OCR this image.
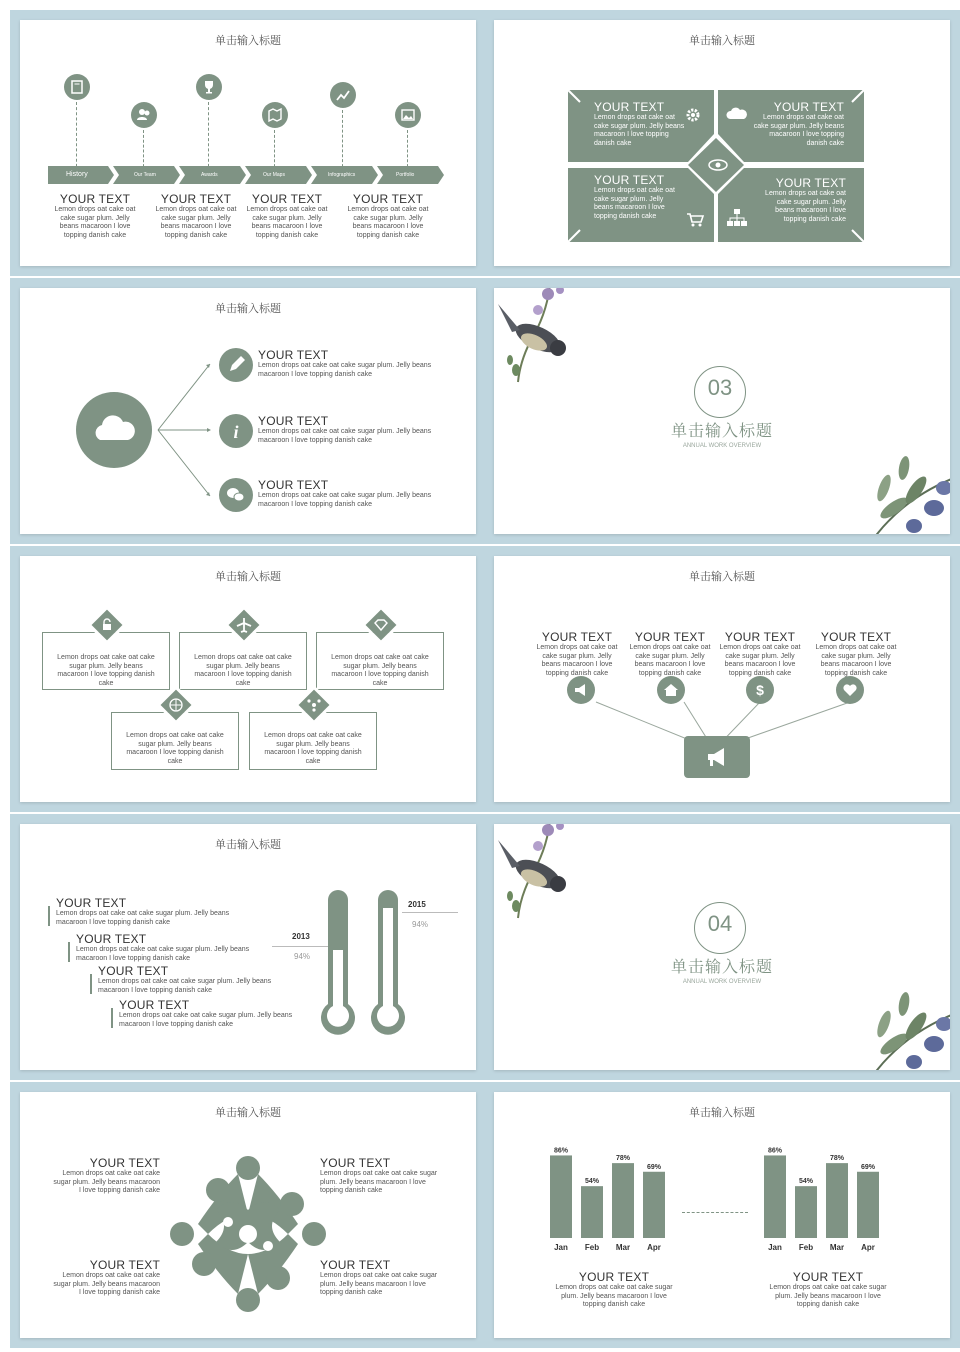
单击输入标题
History	Our Team	Awards	Our Maps	Infographics	Portfolio
YOUR TEXT
Lemon drops oat cake oat cake sugar plum. Jelly beans macaroon I love topping danish cake
YOUR TEXT
Lemon drops oat cake oat cake sugar plum. Jelly beans macaroon I love topping danish cake
YOUR TEXT
Lemon drops oat cake oat cake sugar plum. Jelly beans macaroon I love topping danish cake
YOUR TEXT
Lemon drops oat cake oat cake sugar plum. Jelly beans macaroon I love topping danish cake
单击输入标题
YOUR TEXT
Lemon drops oat cake oat cake sugar plum. Jelly beans macaroon I love topping danish cake
YOUR TEXT
Lemon drops oat cake oat cake sugar plum. Jelly beans macaroon I love topping danish cake
YOUR TEXT
Lemon drops oat cake oat cake sugar plum. Jelly beans macaroon I love topping danish cake
YOUR TEXT
Lemon drops oat cake oat cake sugar plum. Jelly beans macaroon I love topping danish cake
单击输入标题
i
YOUR TEXT
Lemon drops oat cake oat cake sugar plum. Jelly beans macaroon I love topping danish cake
YOUR TEXT
Lemon drops oat cake oat cake sugar plum. Jelly beans macaroon I love topping danish cake
YOUR TEXT
Lemon drops oat cake oat cake sugar plum. Jelly beans macaroon I love topping danish cake
03
单击输入标题
ANNUAL WORK OVERVIEW
单击输入标题
Lemon drops oat cake oat cake sugar plum. Jelly beans macaroon I love topping danish cake
Lemon drops oat cake oat cake sugar plum. Jelly beans macaroon I love topping danish cake
Lemon drops oat cake oat cake sugar plum. Jelly beans macaroon I love topping danish cake
Lemon drops oat cake oat cake sugar plum. Jelly beans macaroon I love topping danish cake
Lemon drops oat cake oat cake sugar plum. Jelly beans macaroon I love topping danish cake
单击输入标题
YOUR TEXT
Lemon drops oat cake oat cake sugar plum. Jelly beans macaroon I love topping danish cake
YOUR TEXT
Lemon drops oat cake oat cake sugar plum. Jelly beans macaroon I love topping danish cake
YOUR TEXT
Lemon drops oat cake oat cake sugar plum. Jelly beans macaroon I love topping danish cake
YOUR TEXT
Lemon drops oat cake oat cake sugar plum. Jelly beans macaroon I love topping danish cake
$
单击输入标题
YOUR TEXT
Lemon drops oat cake oat cake sugar plum. Jelly beans macaroon I love topping danish cake
YOUR TEXT
Lemon drops oat cake oat cake sugar plum. Jelly beans macaroon I love topping danish cake
YOUR TEXT
Lemon drops oat cake oat cake sugar plum. Jelly beans macaroon I love topping danish cake
YOUR TEXT
Lemon drops oat cake oat cake sugar plum. Jelly beans macaroon I love topping danish cake
2013
94%
2015
94%	04
单击输入标题
ANNUAL WORK OVERVIEW
单击输入标题
YOUR TEXT
Lemon drops oat cake oat cake sugar plum. Jelly beans macaroon I love topping danish cake
YOUR TEXT
Lemon drops oat cake oat cake sugar plum. Jelly beans macaroon I love topping danish cake
YOUR TEXT
Lemon drops oat cake oat cake sugar plum. Jelly beans macaroon I love topping danish cake
YOUR TEXT
Lemon drops oat cake oat cake sugar plum. Jelly beans macaroon I love topping danish cake
单击输入标题
86%
Jan
54%
Feb
78%
Mar
69%
Apr
86%
Jan
54%
Feb
78%
Mar
69%
Apr
YOUR TEXT
Lemon drops oat cake oat cake sugar plum. Jelly beans macaroon I love topping danish cake
YOUR TEXT
Lemon drops oat cake oat cake sugar plum. Jelly beans macaroon I love topping danish cake
